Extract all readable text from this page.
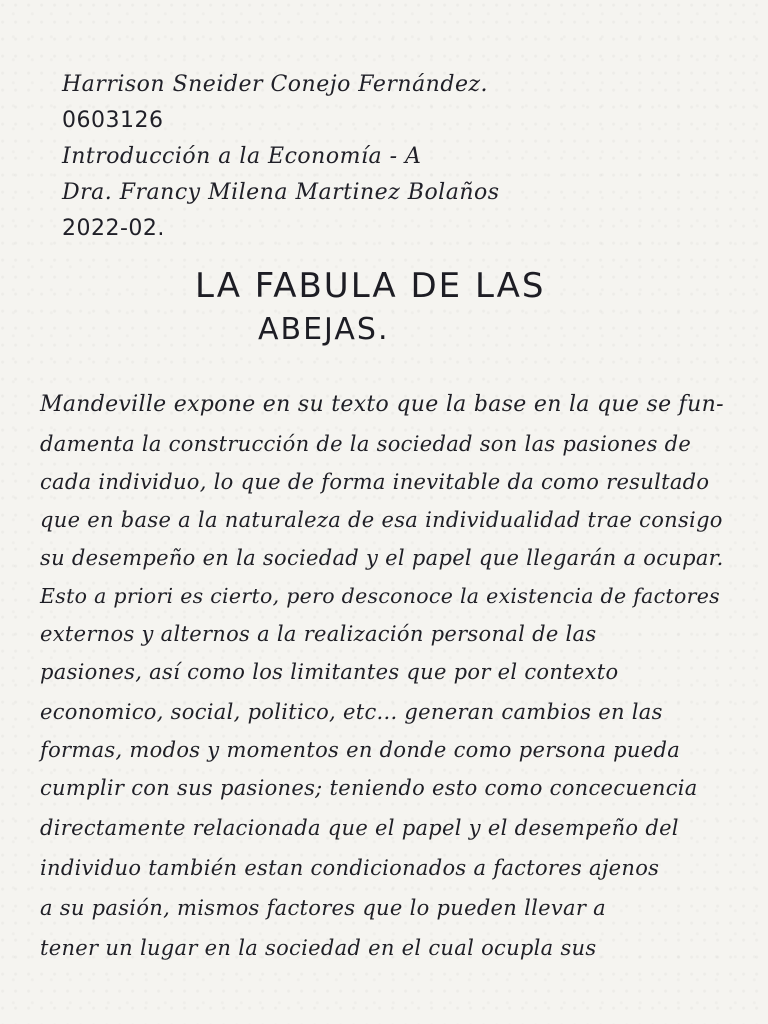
Harrison Sneider Conejo Fernández.
0603126
Introducción a la Economía - A
Dra. Francy Milena Martinez Bolaños
2022-02.
LA FABULA DE LAS
ABEJAS.
Mandeville expone en su texto que la base en la que se fun-
damenta la construcción de la sociedad son las pasiones de
cada individuo, lo que de forma inevitable da como resultado
que en base a la naturaleza de esa individualidad trae consigo
su desempeño en la sociedad y el papel que llegarán a ocupar.
Esto a priori es cierto, pero desconoce la existencia de factores
externos y alternos a la realización personal de las
pasiones, así como los limitantes que por el contexto
economico, social, politico, etc... generan cambios en las
formas, modos y momentos en donde como persona pueda
cumplir con sus pasiones; teniendo esto como concecuencia
directamente relacionada que el papel y el desempeño del
individuo también estan condicionados a factores ajenos
a su pasión, mismos factores que lo pueden llevar a
tener un lugar en la sociedad en el cual ocupla sus
